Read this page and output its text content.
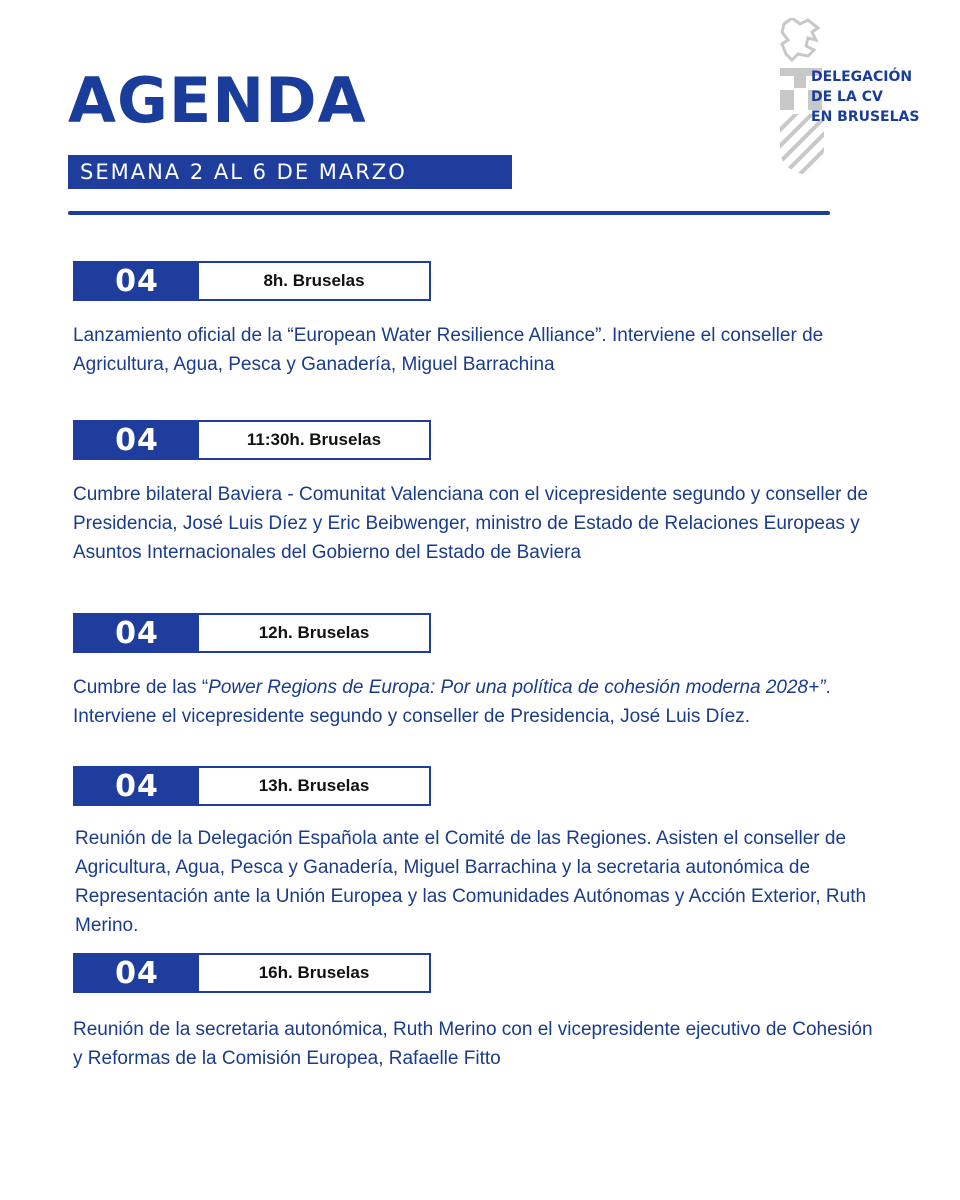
AGENDA
SEMANA 2 AL 6 DE MARZO
DELEGACIÓN
DE LA CV
EN BRUSELAS
04	8h. Bruselas

Lanzamiento oficial de la “European Water Resilience Alliance”. Interviene el conseller de Agricultura, Agua, Pesca y Ganadería, Miguel Barrachina

04	11:30h. Bruselas

Cumbre bilateral Baviera - Comunitat Valenciana con el vicepresidente segundo y conseller de Presidencia, José Luis Díez y Eric Beibwenger, ministro de Estado de Relaciones Europeas y Asuntos Internacionales del Gobierno del Estado de Baviera

04	12h. Bruselas

Cumbre de las “Power Regions de Europa: Por una política de cohesión moderna 2028+”. Interviene el vicepresidente segundo y conseller de Presidencia, José Luis Díez.

04	13h. Bruselas

Reunión de la Delegación Española ante el Comité de las Regiones. Asisten el conseller de Agricultura, Agua, Pesca y Ganadería, Miguel Barrachina y la secretaria autonómica de Representación ante la Unión Europea y las Comunidades Autónomas y Acción Exterior, Ruth Merino.

04	16h. Bruselas

Reunión de la secretaria autonómica, Ruth Merino con el vicepresidente ejecutivo de Cohesión y Reformas de la Comisión Europea, Rafaelle Fitto
